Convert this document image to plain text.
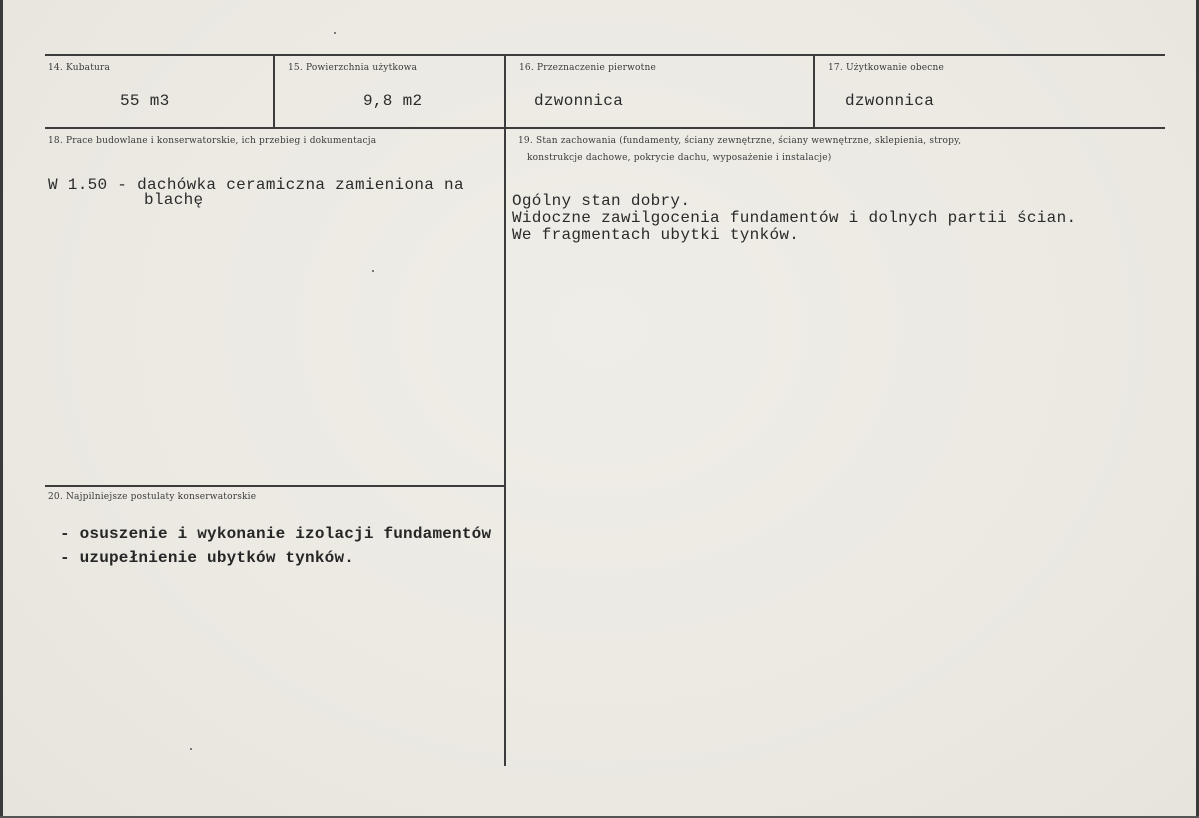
14. Kubatura
55 m3
15. Powierzchnia użytkowa
9,8 m2
16. Przeznaczenie pierwotne
dzwonnica
17. Użytkowanie obecne
dzwonnica
18. Prace budowlane i konserwatorskie, ich przebieg i dokumentacja
W 1.50 - dachówka ceramiczna zamieniona na
blachę
19. Stan zachowania (fundamenty, ściany zewnętrzne, ściany wewnętrzne, sklepienia, stropy,
konstrukcje dachowe, pokrycie dachu, wyposażenie i instalacje)
Ogólny stan dobry.
Widoczne zawilgocenia fundamentów i dolnych partii ścian.
We fragmentach ubytki tynków.
20. Najpilniejsze postulaty konserwatorskie
- osuszenie i wykonanie izolacji fundamentów
- uzupełnienie ubytków tynków.
